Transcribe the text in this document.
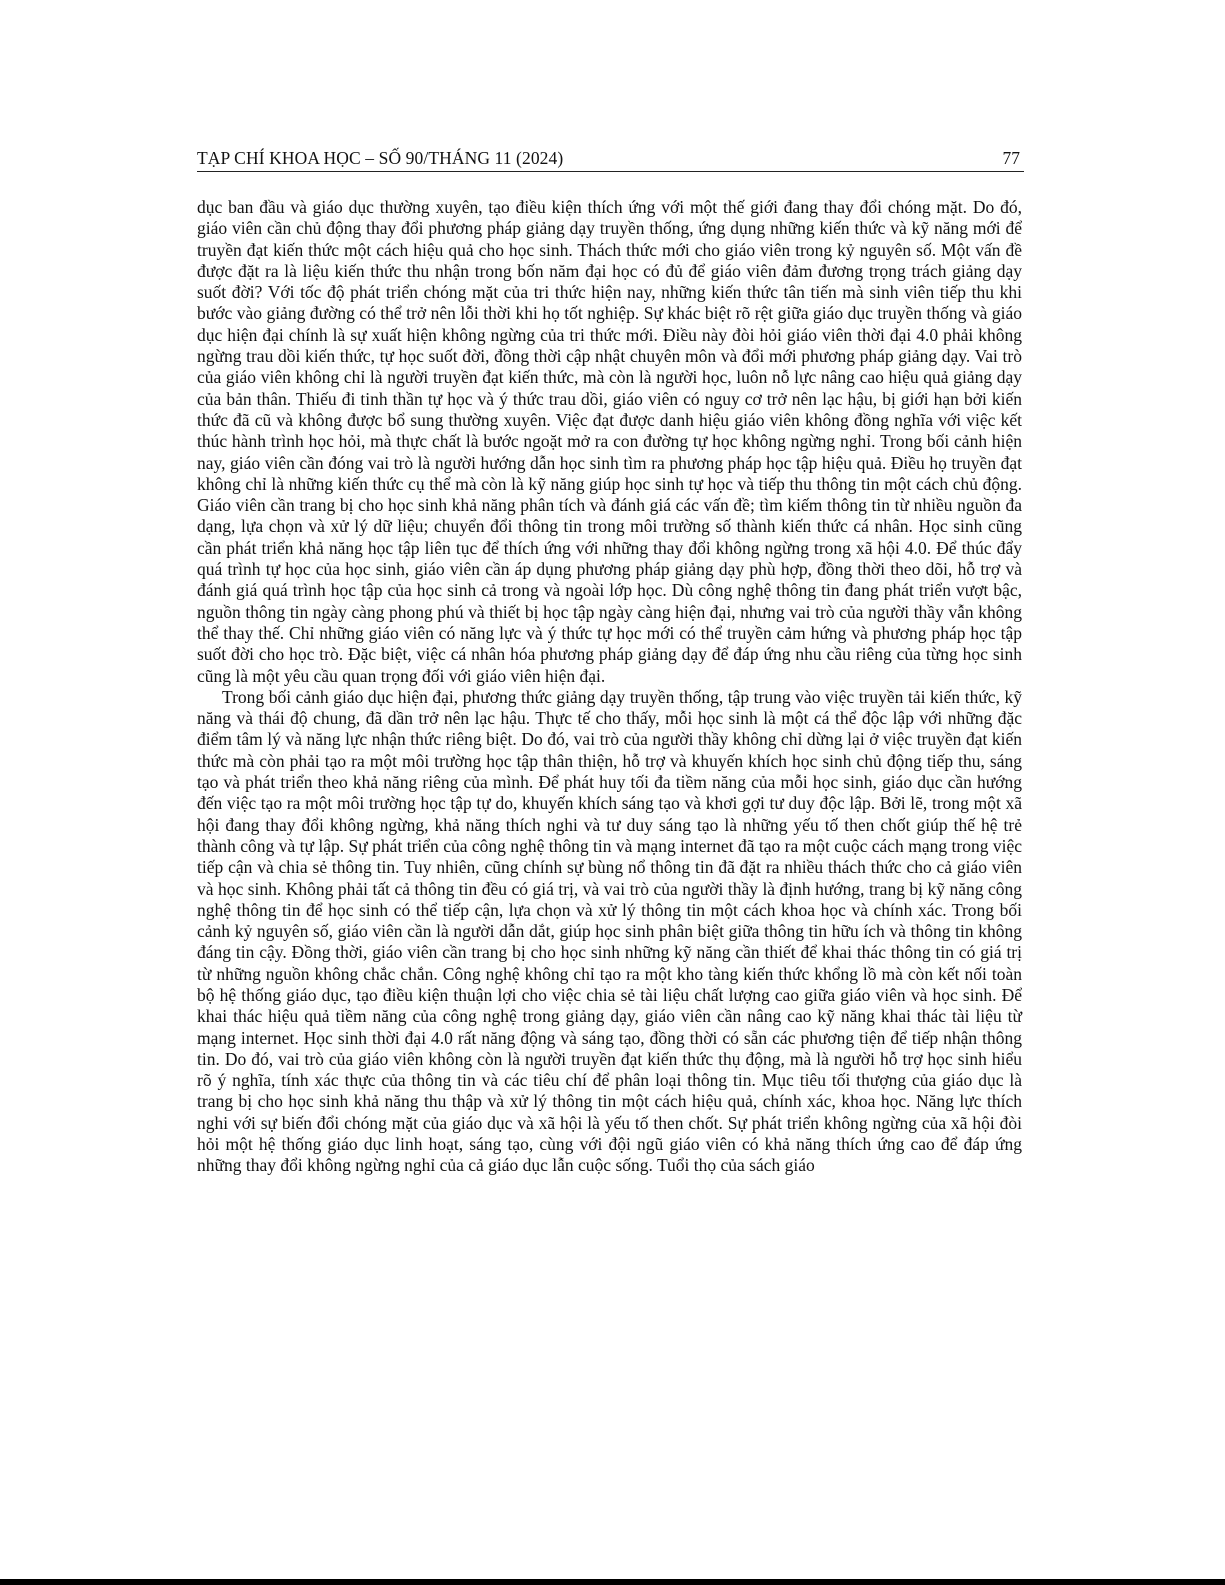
TẠP CHÍ KHOA HỌC – SỐ 90/THÁNG 11 (2024)	77

dục ban đầu và giáo dục thường xuyên, tạo điều kiện thích ứng với một thế giới đang thay đổi chóng mặt. Do đó, giáo viên cần chủ động thay đổi phương pháp giảng dạy truyền thống, ứng dụng những kiến thức và kỹ năng mới để truyền đạt kiến thức một cách hiệu quả cho học sinh. Thách thức mới cho giáo viên trong kỷ nguyên số. Một vấn đề được đặt ra là liệu kiến thức thu nhận trong bốn năm đại học có đủ để giáo viên đảm đương trọng trách giảng dạy suốt đời? Với tốc độ phát triển chóng mặt của tri thức hiện nay, những kiến thức tân tiến mà sinh viên tiếp thu khi bước vào giảng đường có thể trở nên lỗi thời khi họ tốt nghiệp. Sự khác biệt rõ rệt giữa giáo dục truyền thống và giáo dục hiện đại chính là sự xuất hiện không ngừng của tri thức mới. Điều này đòi hỏi giáo viên thời đại 4.0 phải không ngừng trau dồi kiến thức, tự học suốt đời, đồng thời cập nhật chuyên môn và đổi mới phương pháp giảng dạy. Vai trò của giáo viên không chỉ là người truyền đạt kiến thức, mà còn là người học, luôn nỗ lực nâng cao hiệu quả giảng dạy của bản thân. Thiếu đi tinh thần tự học và ý thức trau dồi, giáo viên có nguy cơ trở nên lạc hậu, bị giới hạn bởi kiến thức đã cũ và không được bổ sung thường xuyên. Việc đạt được danh hiệu giáo viên không đồng nghĩa với việc kết thúc hành trình học hỏi, mà thực chất là bước ngoặt mở ra con đường tự học không ngừng nghỉ. Trong bối cảnh hiện nay, giáo viên cần đóng vai trò là người hướng dẫn học sinh tìm ra phương pháp học tập hiệu quả. Điều họ truyền đạt không chỉ là những kiến thức cụ thể mà còn là kỹ năng giúp học sinh tự học và tiếp thu thông tin một cách chủ động. Giáo viên cần trang bị cho học sinh khả năng phân tích và đánh giá các vấn đề; tìm kiếm thông tin từ nhiều nguồn đa dạng, lựa chọn và xử lý dữ liệu; chuyển đổi thông tin trong môi trường số thành kiến thức cá nhân. Học sinh cũng cần phát triển khả năng học tập liên tục để thích ứng với những thay đổi không ngừng trong xã hội 4.0. Để thúc đẩy quá trình tự học của học sinh, giáo viên cần áp dụng phương pháp giảng dạy phù hợp, đồng thời theo dõi, hỗ trợ và đánh giá quá trình học tập của học sinh cả trong và ngoài lớp học. Dù công nghệ thông tin đang phát triển vượt bậc, nguồn thông tin ngày càng phong phú và thiết bị học tập ngày càng hiện đại, nhưng vai trò của người thầy vẫn không thể thay thế. Chỉ những giáo viên có năng lực và ý thức tự học mới có thể truyền cảm hứng và phương pháp học tập suốt đời cho học trò. Đặc biệt, việc cá nhân hóa phương pháp giảng dạy để đáp ứng nhu cầu riêng của từng học sinh cũng là một yêu cầu quan trọng đối với giáo viên hiện đại.

Trong bối cảnh giáo dục hiện đại, phương thức giảng dạy truyền thống, tập trung vào việc truyền tải kiến thức, kỹ năng và thái độ chung, đã dần trở nên lạc hậu. Thực tế cho thấy, mỗi học sinh là một cá thể độc lập với những đặc điểm tâm lý và năng lực nhận thức riêng biệt. Do đó, vai trò của người thầy không chỉ dừng lại ở việc truyền đạt kiến thức mà còn phải tạo ra một môi trường học tập thân thiện, hỗ trợ và khuyến khích học sinh chủ động tiếp thu, sáng tạo và phát triển theo khả năng riêng của mình. Để phát huy tối đa tiềm năng của mỗi học sinh, giáo dục cần hướng đến việc tạo ra một môi trường học tập tự do, khuyến khích sáng tạo và khơi gợi tư duy độc lập. Bởi lẽ, trong một xã hội đang thay đổi không ngừng, khả năng thích nghi và tư duy sáng tạo là những yếu tố then chốt giúp thế hệ trẻ thành công và tự lập. Sự phát triển của công nghệ thông tin và mạng internet đã tạo ra một cuộc cách mạng trong việc tiếp cận và chia sẻ thông tin. Tuy nhiên, cũng chính sự bùng nổ thông tin đã đặt ra nhiều thách thức cho cả giáo viên và học sinh. Không phải tất cả thông tin đều có giá trị, và vai trò của người thầy là định hướng, trang bị kỹ năng công nghệ thông tin để học sinh có thể tiếp cận, lựa chọn và xử lý thông tin một cách khoa học và chính xác. Trong bối cảnh kỷ nguyên số, giáo viên cần là người dẫn dắt, giúp học sinh phân biệt giữa thông tin hữu ích và thông tin không đáng tin cậy. Đồng thời, giáo viên cần trang bị cho học sinh những kỹ năng cần thiết để khai thác thông tin có giá trị từ những nguồn không chắc chắn. Công nghệ không chỉ tạo ra một kho tàng kiến thức khổng lồ mà còn kết nối toàn bộ hệ thống giáo dục, tạo điều kiện thuận lợi cho việc chia sẻ tài liệu chất lượng cao giữa giáo viên và học sinh. Để khai thác hiệu quả tiềm năng của công nghệ trong giảng dạy, giáo viên cần nâng cao kỹ năng khai thác tài liệu từ mạng internet. Học sinh thời đại 4.0 rất năng động và sáng tạo, đồng thời có sẵn các phương tiện để tiếp nhận thông tin. Do đó, vai trò của giáo viên không còn là người truyền đạt kiến thức thụ động, mà là người hỗ trợ học sinh hiểu rõ ý nghĩa, tính xác thực của thông tin và các tiêu chí để phân loại thông tin. Mục tiêu tối thượng của giáo dục là trang bị cho học sinh khả năng thu thập và xử lý thông tin một cách hiệu quả, chính xác, khoa học. Năng lực thích nghi với sự biến đổi chóng mặt của giáo dục và xã hội là yếu tố then chốt. Sự phát triển không ngừng của xã hội đòi hỏi một hệ thống giáo dục linh hoạt, sáng tạo, cùng với đội ngũ giáo viên có khả năng thích ứng cao để đáp ứng những thay đổi không ngừng nghỉ của cả giáo dục lẫn cuộc sống. Tuổi thọ của sách giáo
